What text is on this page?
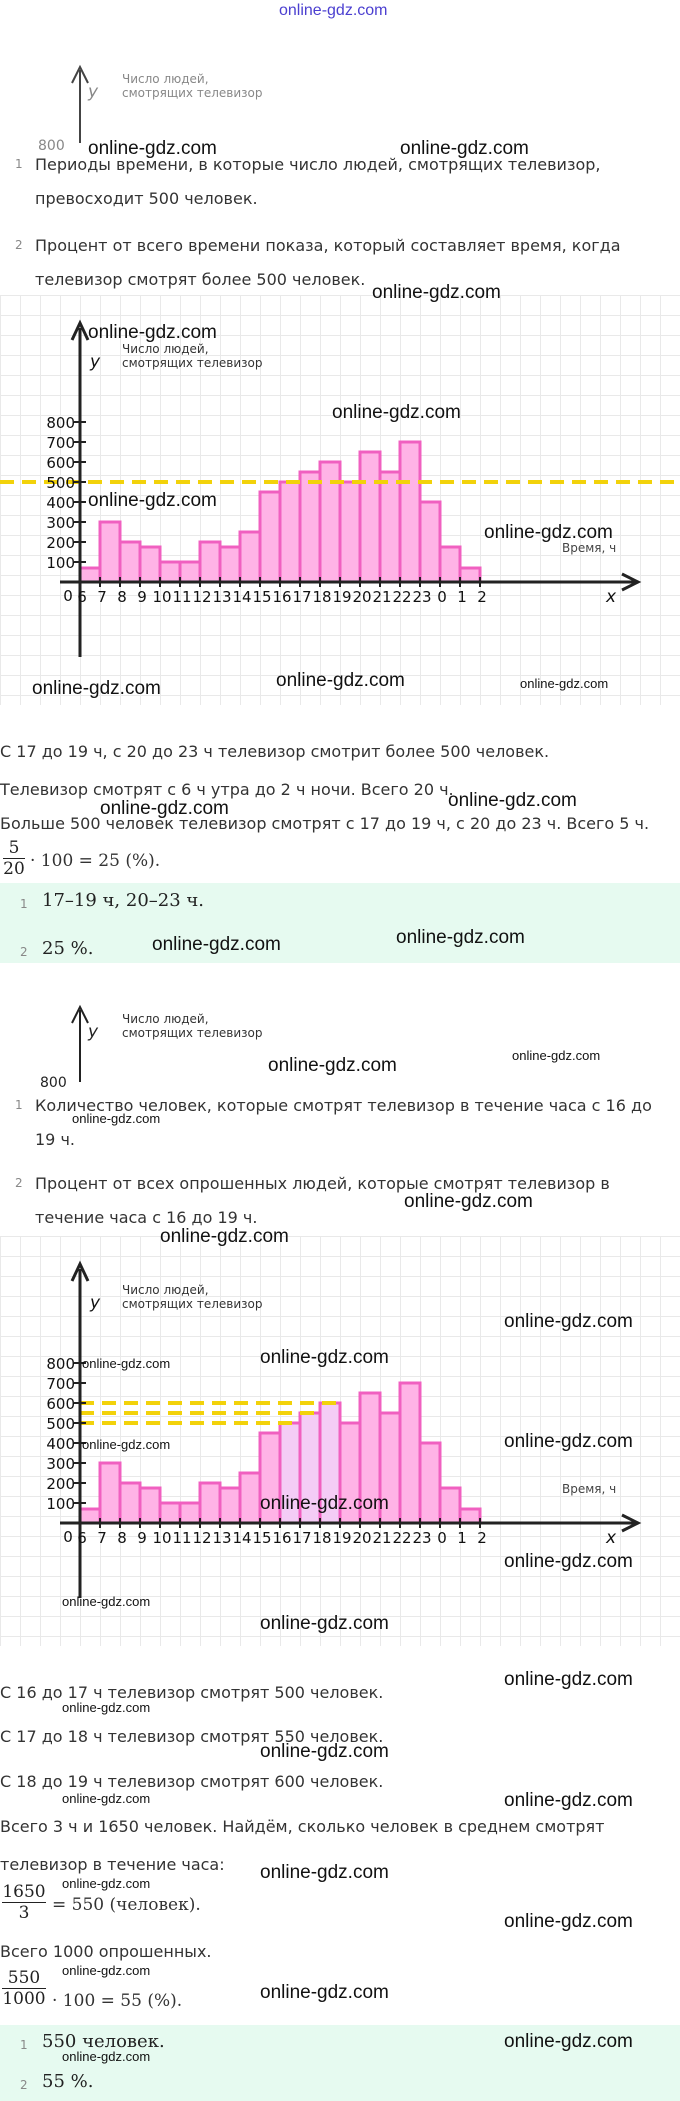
online-gdz.com
y
Число людей,
смотрящих телевизор
800
1 Периоды времени, в которые число людей, смотрящих телевизор,
превосходит 500 человек.
2 Процент от всего времени показа, который составляет время, когда
телевизор смотрят более 500 человек.
100
200
300
400
500
600
700
800
6 7 8 9 10 11 12 13 14 15 16 17 18 19 20 21 22 23 0 1 2
0
y
Число людей,
смотрящих телевизор
Время, ч
x
С 17 до 19 ч, с 20 до 23 ч телевизор смотрит более 500 человек.
Телевизор смотрят с 6 ч утра до 2 ч ночи. Всего 20 ч.
Больше 500 человек телевизор смотрят с 17 до 19 ч, с 20 до 23 ч. Всего 5 ч.
$\frac{5}{20} \cdot 100 = 25$ (%).
1 17–19 ч, 20–23 ч.
2 25 %.
y
Число людей,
смотрящих телевизор
800
1 Количество человек, которые смотрят телевизор в течение часа с 16 до
19 ч.
2 Процент от всех опрошенных людей, которые смотрят телевизор в
течение часа с 16 до 19 ч.
100
200
300
400
500
600
700
800
6 7 8 9 10 11 12 13 14 15 16 17 18 19 20 21 22 23 0 1 2
0
y
Число людей,
смотрящих телевизор
Время, ч
x
С 16 до 17 ч телевизор смотрят 500 человек.
С 17 до 18 ч телевизор смотрят 550 человек.
С 18 до 19 ч телевизор смотрят 600 человек.
Всего 3 ч и 1650 человек. Найдём, сколько человек в среднем смотрят
телевизор в течение часа:
$\frac{1650}{3} = 550$ (человек).
Всего 1000 опрошенных.
$\frac{550}{1000} \cdot 100 = 55$ (%).
1 550 человек.
2 55 %.
online-gdz.com	online-gdz.com
online-gdz.com
online-gdz.com
online-gdz.com
online-gdz.com
online-gdz.com
online-gdz.com	online-gdz.com	online-gdz.com
online-gdz.com
online-gdz.com
online-gdz.com
online-gdz.com
online-gdz.com	online-gdz.com
online-gdz.com
online-gdz.com
online-gdz.com
online-gdz.com
online-gdz.com	online-gdz.com
online-gdz.com	online-gdz.com
online-gdz.com
online-gdz.com
online-gdz.com
online-gdz.com
online-gdz.com
online-gdz.com
online-gdz.com
online-gdz.com	online-gdz.com
online-gdz.com
online-gdz.com
online-gdz.com
online-gdz.com
online-gdz.com
online-gdz.com
online-gdz.com
